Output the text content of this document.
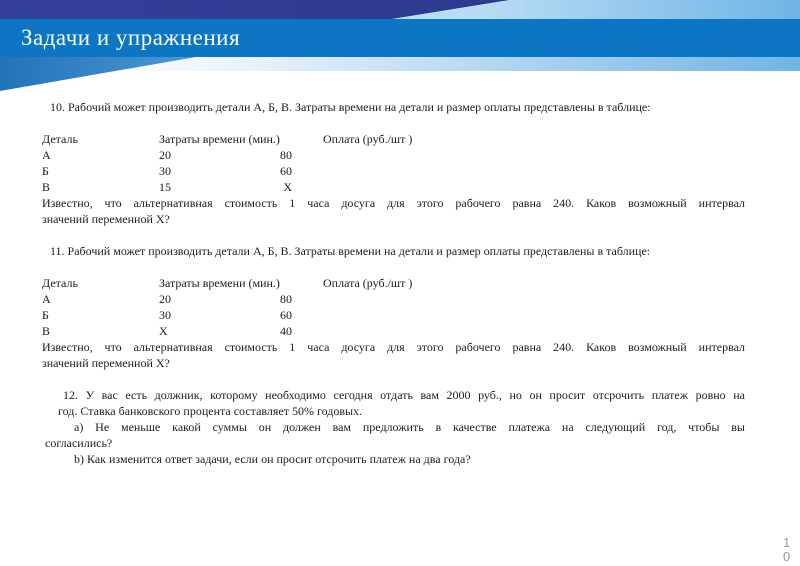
Задачи и упражнения
10. Рабочий может производить детали А, Б, В. Затраты времени на детали и размер оплаты представлены в таблице:
Деталь	Затраты времени (мин.)	Оплата (руб./шт )
А	20	80
Б	30	60
В	15	Х
Известно, что альтернативная стоимость 1 часа досуга для этого рабочего равна 240. Каков возможный интервал
значений переменной Х?
11. Рабочий может производить детали А, Б, В. Затраты времени на детали и размер оплаты представлены в таблице:
Деталь	Затраты времени (мин.)	Оплата (руб./шт )
А	20	80
Б	30	60
В	Х	40
Известно, что альтернативная стоимость 1 часа досуга для этого рабочего равна 240. Каков возможный интервал
значений переменной Х?
12. У вас есть должник, которому необходимо сегодня отдать вам 2000 руб., но он просит отсрочить платеж ровно на
год. Ставка банковского процента составляет 50% годовых.
a) Не меньше какой суммы он должен вам предложить в качестве платежа на следующий год, чтобы вы
согласились?
b) Как изменится ответ задачи, если он просит отсрочить платеж на два года?
10
